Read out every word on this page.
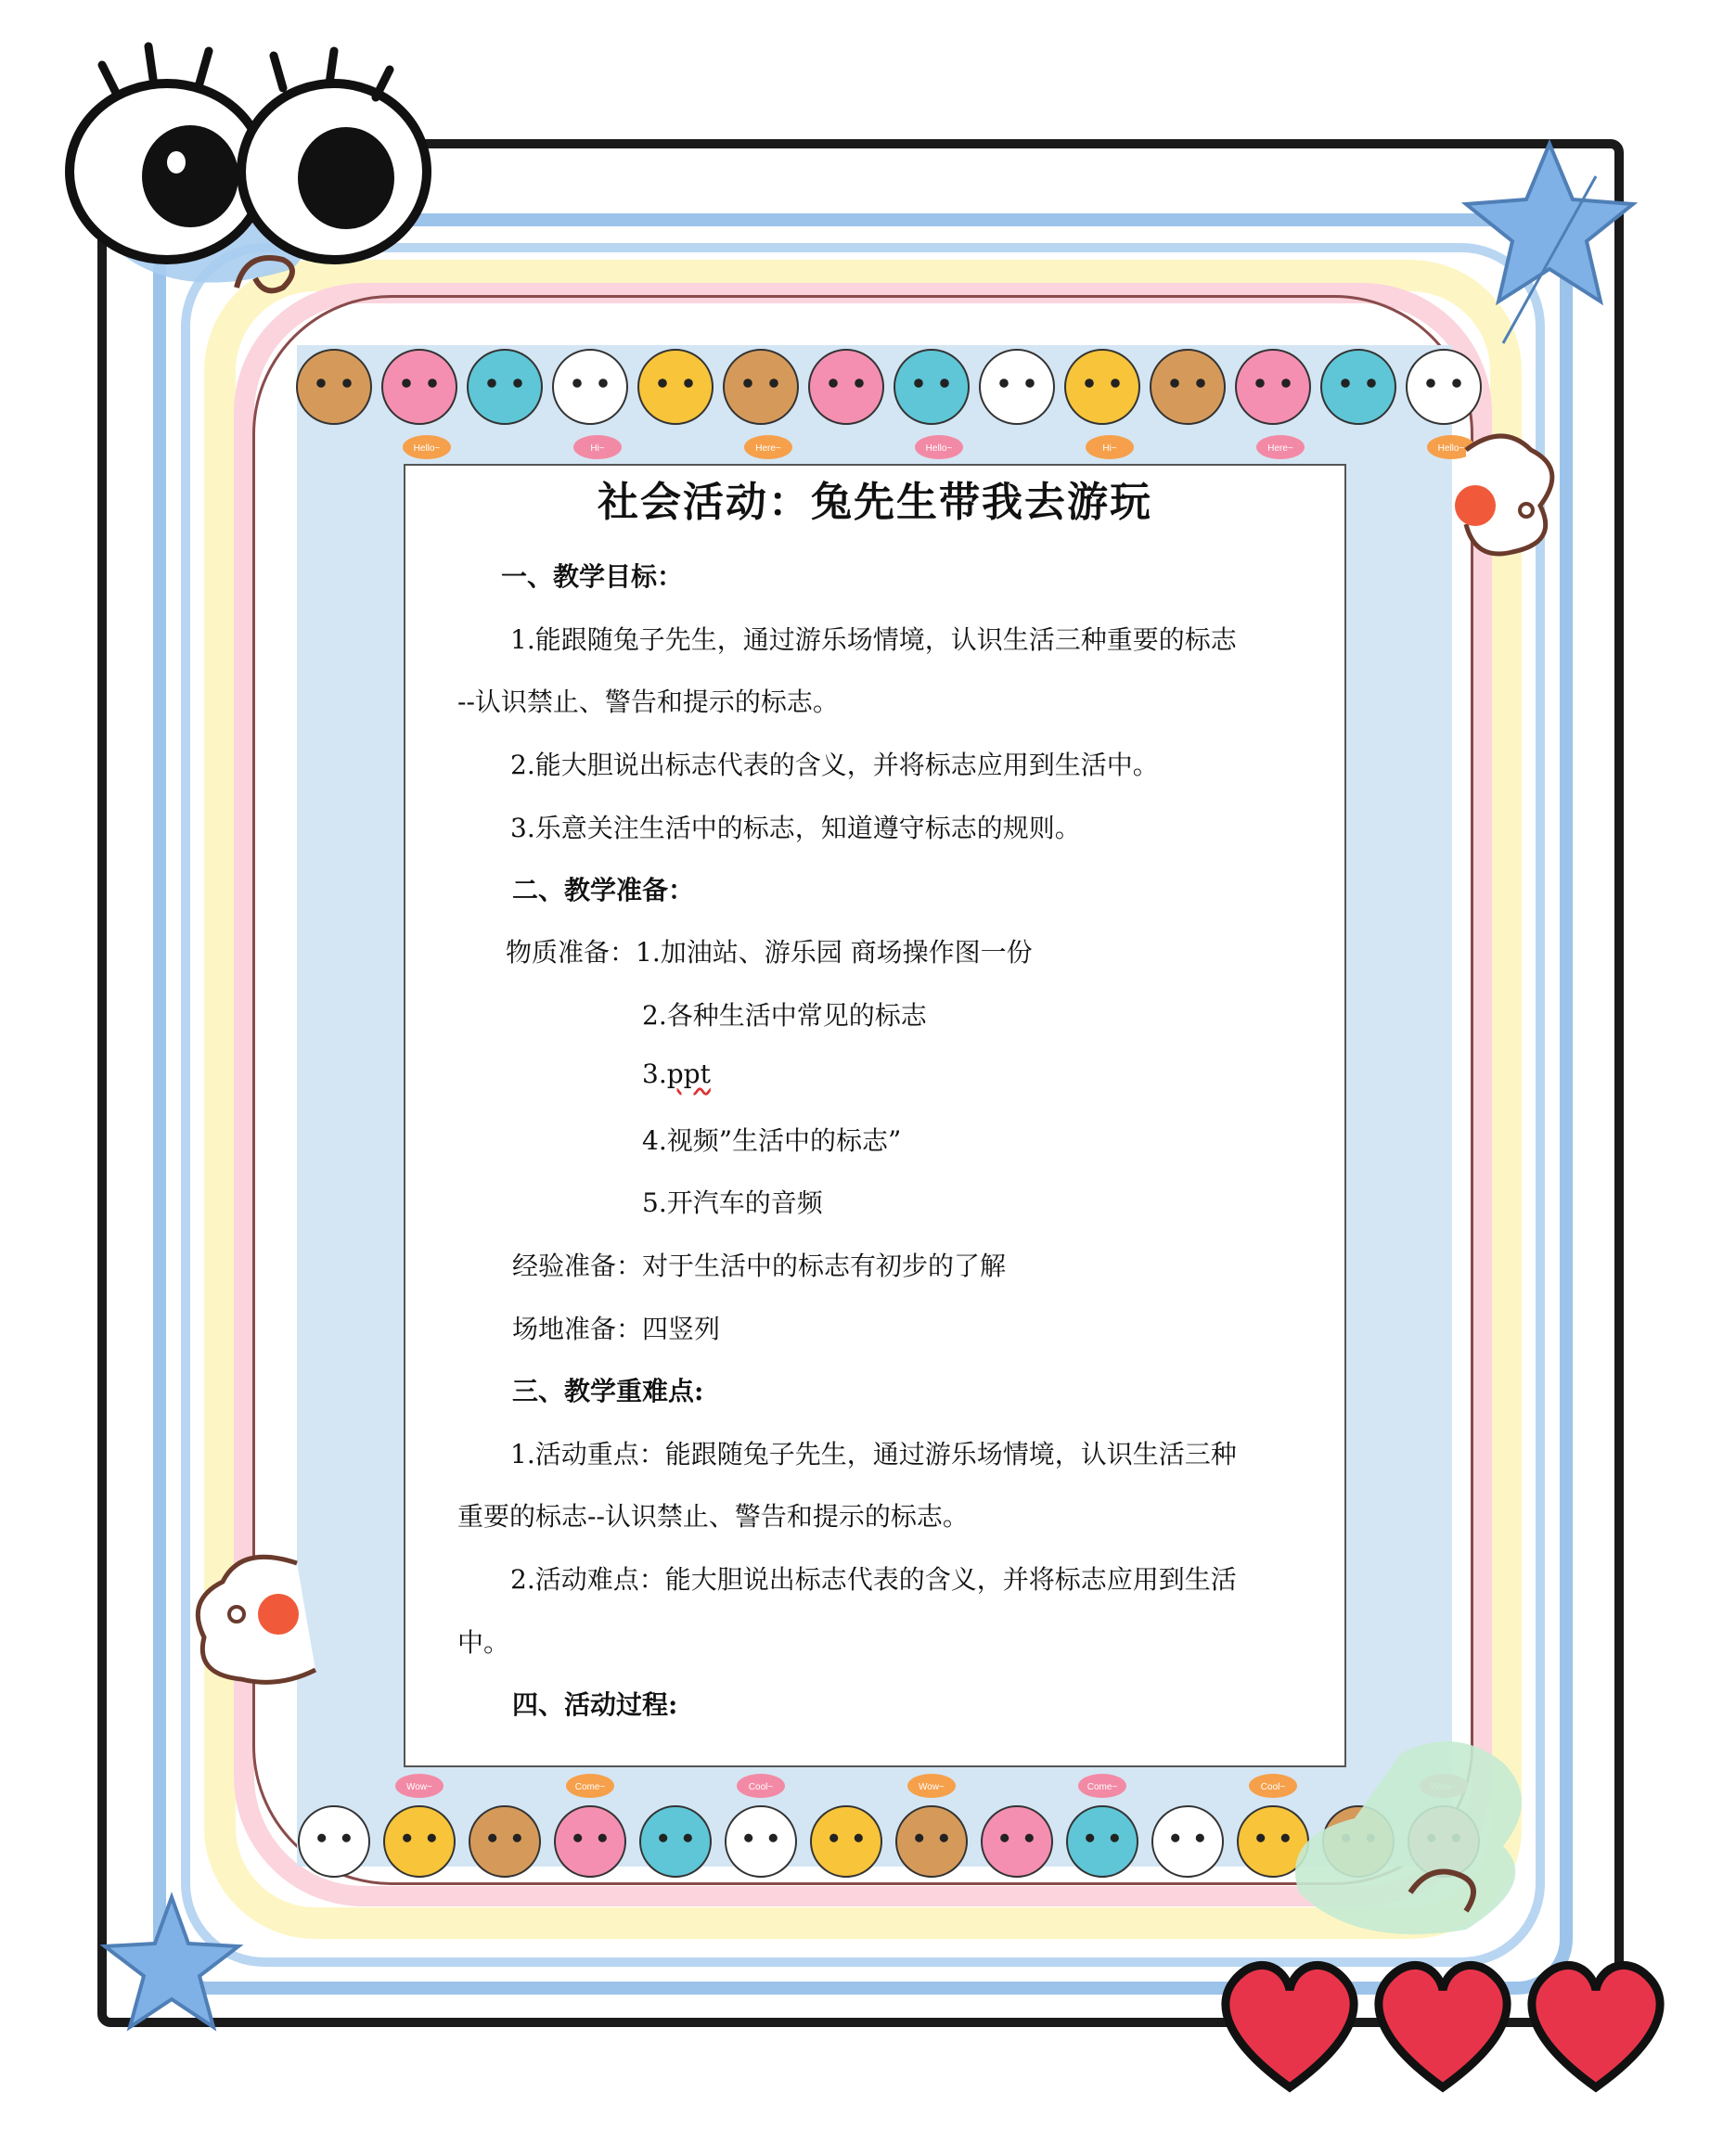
Hello~	Hi~	Here~	Hello~	Hi~	Here~	Hello~
Wow~	Come~	Cool~	Wow~	Come~	Cool~
社会活动：兔先生带我去游玩
一、教学目标：
1.能跟随兔子先生，通过游乐场情境，认识生活三种重要的标志
--认识禁止、警告和提示的标志。
2.能大胆说出标志代表的含义，并将标志应用到生活中。
3.乐意关注生活中的标志，知道遵守标志的规则。
二、教学准备：
物质准备：1.加油站、游乐园 商场操作图一份
2.各种生活中常见的标志
3.ppt
4.视频”生活中的标志”
5.开汽车的音频
经验准备：对于生活中的标志有初步的了解
场地准备：四竖列
三、教学重难点:
1.活动重点：能跟随兔子先生，通过游乐场情境，认识生活三种
重要的标志--认识禁止、警告和提示的标志。
2.活动难点：能大胆说出标志代表的含义，并将标志应用到生活
中。
四、活动过程:
